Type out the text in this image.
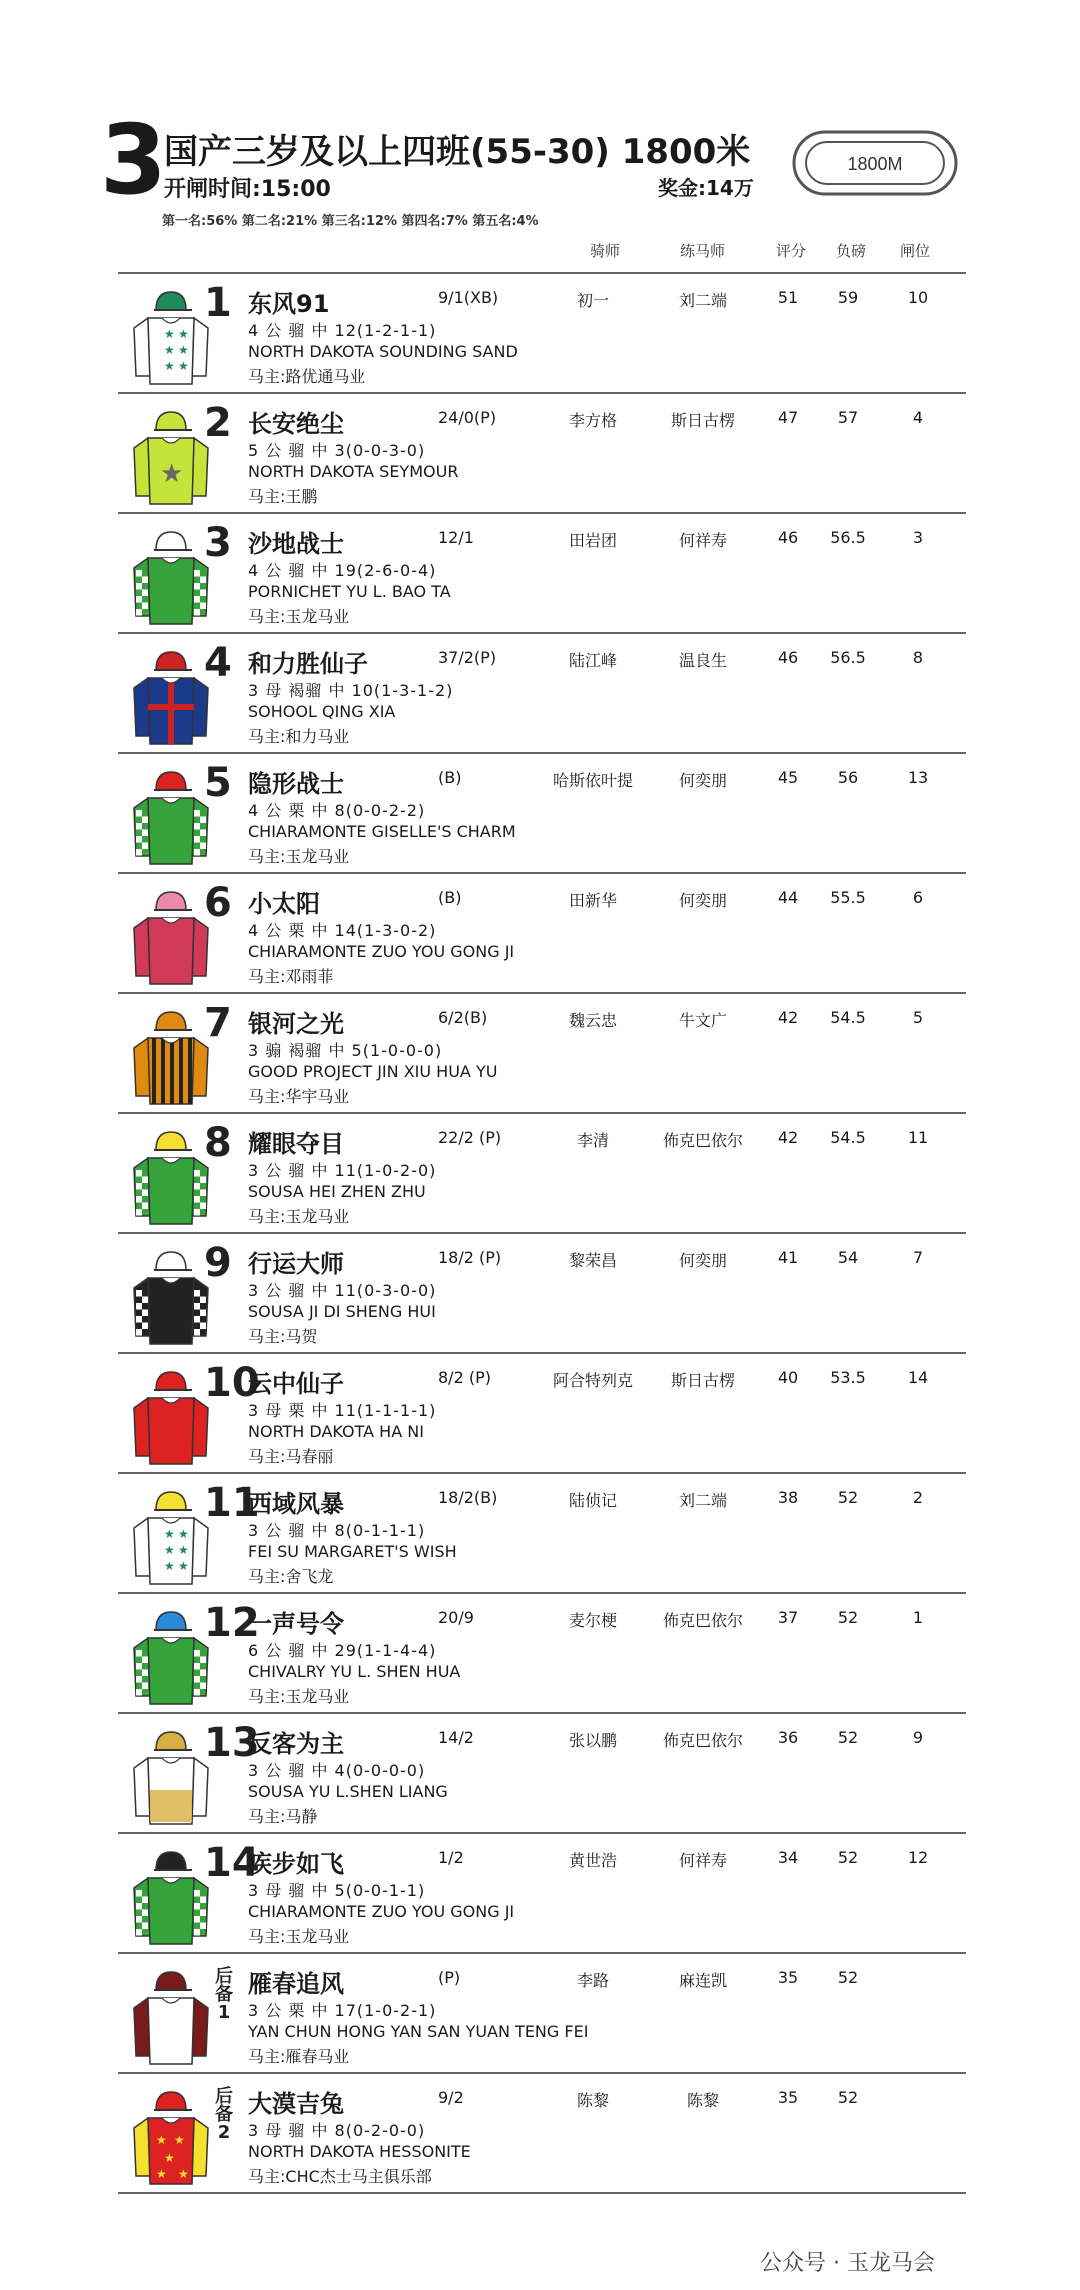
3
国产三岁及以上四班(55-30) 1800米
开闸时间:15:00	奖金:14万
1800M
第一名:56% 第二名:21% 第三名:12% 第四名:7% 第五名:4%
骑师	练马师	评分 负磅 闸位
★ ★
★ ★
★ ★
1 东风91	9/1(XB)
4 公 骝 中 12(1-2-1-1)
NORTH DAKOTA SOUNDING SAND
马主:路优通马业
初一	刘二端	51	59	10
★
2 长安绝尘	24/0(P)
5 公 骝 中 3(0-0-3-0)
NORTH DAKOTA SEYMOUR
马主:王鹏
李方格	斯日古楞	47	57	4
3 沙地战士	12/1
4 公 骝 中 19(2-6-0-4)
PORNICHET YU L. BAO TA
马主:玉龙马业
田岩团	何祥寿	46	56.5	3
4 和力胜仙子	37/2(P)
3 母 褐骝 中 10(1-3-1-2)
SOHOOL QING XIA
马主:和力马业
陆江峰	温良生	46	56.5	8
5 隐形战士	(B)
4 公 栗 中 8(0-0-2-2)
CHIARAMONTE GISELLE'S CHARM
马主:玉龙马业
哈斯依叶提	何奕朋	45	56	13
6 小太阳	(B)
4 公 栗 中 14(1-3-0-2)
CHIARAMONTE ZUO YOU GONG JI
马主:邓雨菲
田新华	何奕朋	44	55.5	6
7 银河之光	6/2(B)
3 骟 褐骝 中 5(1-0-0-0)
GOOD PROJECT JIN XIU HUA YU
马主:华宇马业
魏云忠	牛文广	42	54.5	5
8 耀眼夺目	22/2 (P)
3 公 骝 中 11(1-0-2-0)
SOUSA HEI ZHEN ZHU
马主:玉龙马业
李清	佈克巴依尔	42	54.5	11
9 行运大师	18/2 (P)
3 公 骝 中 11(0-3-0-0)
SOUSA JI DI SHENG HUI
马主:马贺
黎荣昌	何奕朋	41	54	7
10
云中仙子	8/2 (P)
3 母 栗 中 11(1-1-1-1)
NORTH DAKOTA HA NI
马主:马春丽
阿合特列克	斯日古楞	40	53.5	14
★ ★
★ ★
★ ★
11
西域风暴	18/2(B)
3 公 骝 中 8(0-1-1-1)
FEI SU MARGARET'S WISH
马主:舍飞龙
陆侦记	刘二端	38	52	2
12
一声号令	20/9
6 公 骝 中 29(1-1-4-4)
CHIVALRY YU L. SHEN HUA
马主:玉龙马业
麦尔梗	佈克巴依尔	37	52	1
13
反客为主	14/2
3 公 骝 中 4(0-0-0-0)
SOUSA YU L.SHEN LIANG
马主:马静
张以鹏	佈克巴依尔	36	52	9
14
疾步如飞	1/2
3 母 骝 中 5(0-0-1-1)
CHIARAMONTE ZUO YOU GONG JI
马主:玉龙马业
黄世浩	何祥寿	34	52	12
后备1
雁春追风	(P)
3 公 栗 中 17(1-0-2-1)
YAN CHUN HONG YAN SAN YUAN TENG FEI
马主:雁春马业
李路	麻连凯	35	52
★ ★
★
★ ★
后备2
大漠吉兔	9/2
3 母 骝 中 8(0-2-0-0)
NORTH DAKOTA HESSONITE
马主:CHC杰士马主俱乐部
陈黎	陈黎	35	52
公众号 · 玉龙马会
